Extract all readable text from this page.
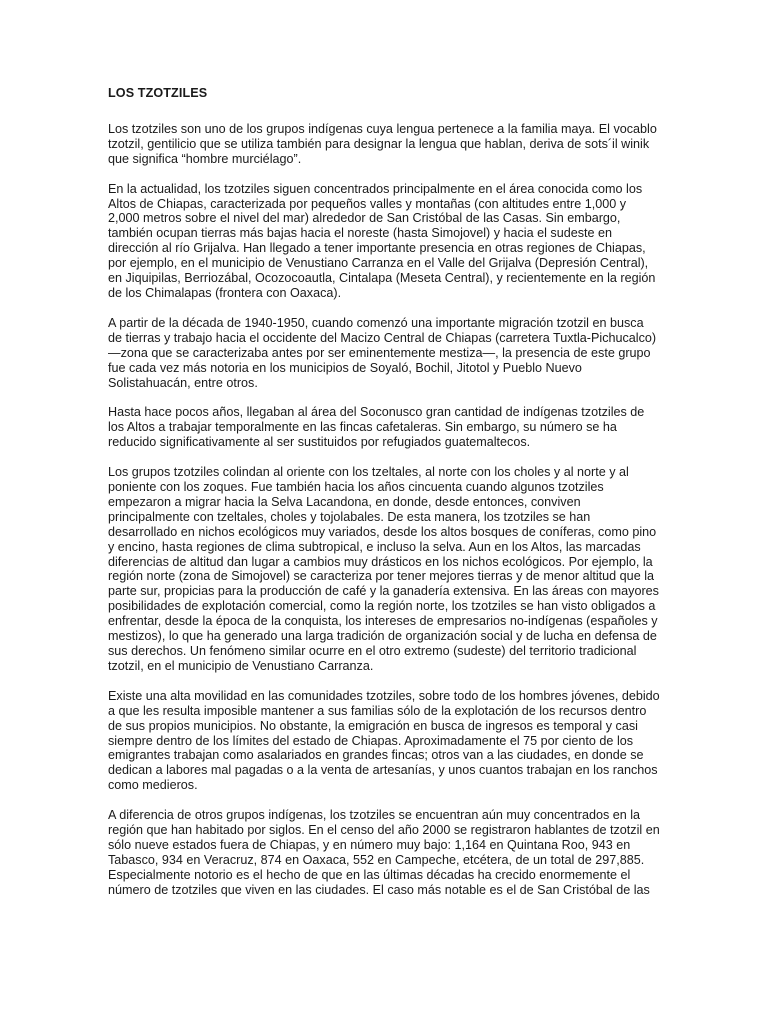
LOS TZOTZILES

Los tzotziles son uno de los grupos indígenas cuya lengua pertenece a la familia maya. El vocablo tzotzil, gentilicio que se utiliza también para designar la lengua que hablan, deriva de sots´il winik que significa “hombre murciélago”.

En la actualidad, los tzotziles siguen concentrados principalmente en el área conocida como los Altos de Chiapas, caracterizada por pequeños valles y montañas (con altitudes entre 1,000 y 2,000 metros sobre el nivel del mar) alrededor de San Cristóbal de las Casas. Sin embargo, también ocupan tierras más bajas hacia el noreste (hasta Simojovel) y hacia el sudeste en dirección al río Grijalva. Han llegado a tener importante presencia en otras regiones de Chiapas, por ejemplo, en el municipio de Venustiano Carranza en el Valle del Grijalva (Depresión Central), en Jiquipilas, Berriozábal, Ocozocoautla, Cintalapa (Meseta Central), y recientemente en la región de los Chimalapas (frontera con Oaxaca).

A partir de la década de 1940-1950, cuando comenzó una importante migración tzotzil en busca de tierras y trabajo hacia el occidente del Macizo Central de Chiapas (carretera Tuxtla-Pichucalco) —zona que se caracterizaba antes por ser eminentemente mestiza—, la presencia de este grupo fue cada vez más notoria en los municipios de Soyaló, Bochil, Jitotol y Pueblo Nuevo Solistahuacán, entre otros.

Hasta hace pocos años, llegaban al área del Soconusco gran cantidad de indígenas tzotziles de los Altos a trabajar temporalmente en las fincas cafetaleras. Sin embargo, su número se ha reducido significativamente al ser sustituidos por refugiados guatemaltecos.

Los grupos tzotziles colindan al oriente con los tzeltales, al norte con los choles y al norte y al poniente con los zoques. Fue también hacia los años cincuenta cuando algunos tzotziles empezaron a migrar hacia la Selva Lacandona, en donde, desde entonces, conviven principalmente con tzeltales, choles y tojolabales. De esta manera, los tzotziles se han desarrollado en nichos ecológicos muy variados, desde los altos bosques de coníferas, como pino y encino, hasta regiones de clima subtropical, e incluso la selva. Aun en los Altos, las marcadas diferencias de altitud dan lugar a cambios muy drásticos en los nichos ecológicos. Por ejemplo, la región norte (zona de Simojovel) se caracteriza por tener mejores tierras y de menor altitud que la parte sur, propicias para la producción de café y la ganadería extensiva. En las áreas con mayores posibilidades de explotación comercial, como la región norte, los tzotziles se han visto obligados a enfrentar, desde la época de la conquista, los intereses de empresarios no-indígenas (españoles y mestizos), lo que ha generado una larga tradición de organización social y de lucha en defensa de sus derechos. Un fenómeno similar ocurre en el otro extremo (sudeste) del territorio tradicional tzotzil, en el municipio de Venustiano Carranza.

Existe una alta movilidad en las comunidades tzotziles, sobre todo de los hombres jóvenes, debido a que les resulta imposible mantener a sus familias sólo de la explotación de los recursos dentro de sus propios municipios. No obstante, la emigración en busca de ingresos es temporal y casi siempre dentro de los límites del estado de Chiapas. Aproximadamente el 75 por ciento de los emigrantes trabajan como asalariados en grandes fincas; otros van a las ciudades, en donde se dedican a labores mal pagadas o a la venta de artesanías, y unos cuantos trabajan en los ranchos como medieros.

A diferencia de otros grupos indígenas, los tzotziles se encuentran aún muy concentrados en la región que han habitado por siglos. En el censo del año 2000 se registraron hablantes de tzotzil en sólo nueve estados fuera de Chiapas, y en número muy bajo: 1,164 en Quintana Roo, 943 en Tabasco, 934 en Veracruz, 874 en Oaxaca, 552 en Campeche, etcétera, de un total de 297,885. Especialmente notorio es el hecho de que en las últimas décadas ha crecido enormemente el número de tzotziles que viven en las ciudades. El caso más notable es el de San Cristóbal de las
